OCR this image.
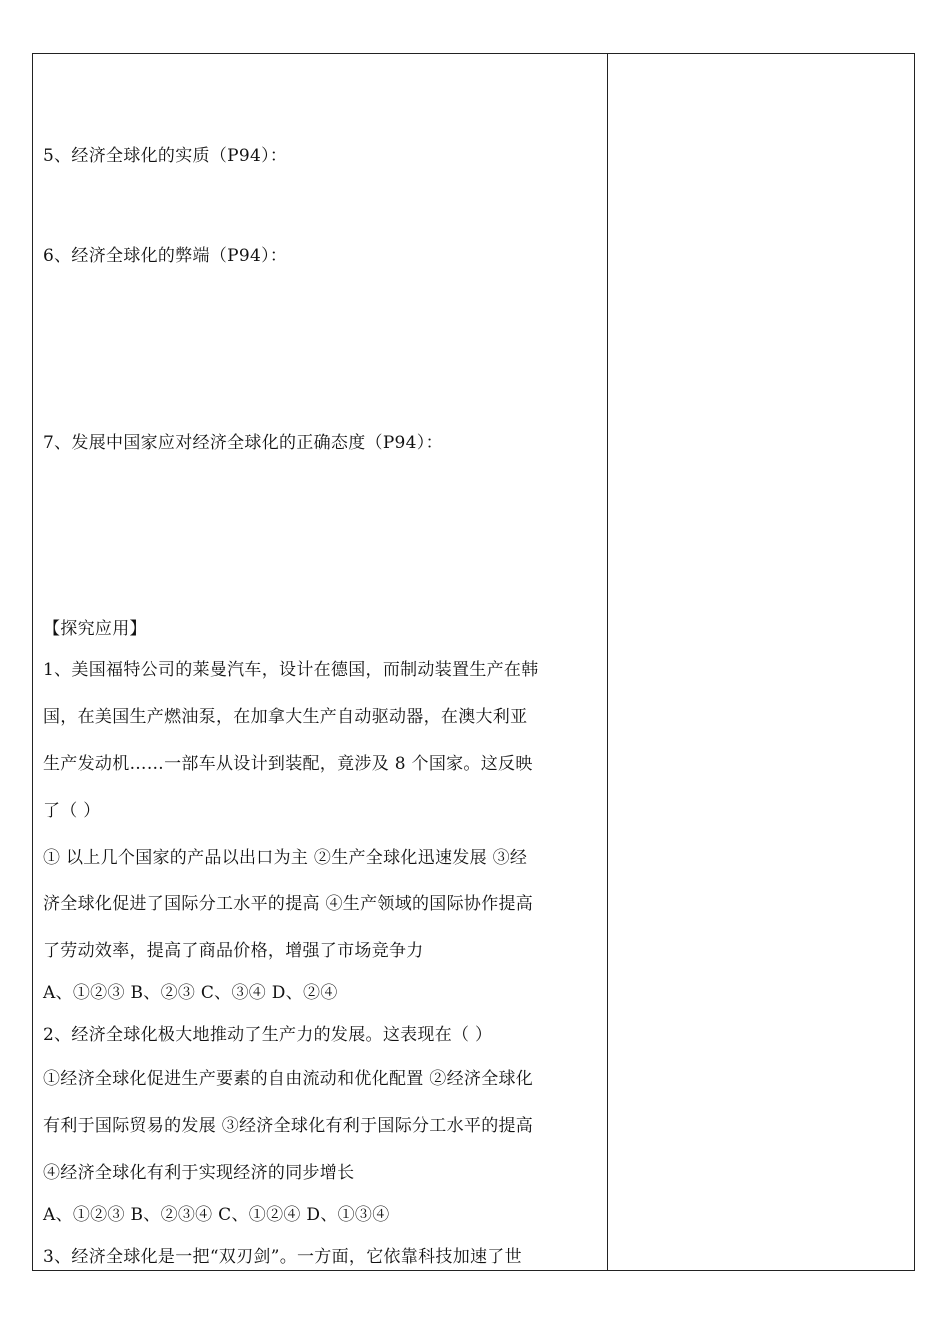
5、经济全球化的实质（P94）：
6、经济全球化的弊端（P94）：
7、发展中国家应对经济全球化的正确态度（P94）：
【探究应用】
1、美国福特公司的莱曼汽车，设计在德国，而制动装置生产在韩
国，在美国生产燃油泵，在加拿大生产自动驱动器，在澳大利亚
生产发动机……一部车从设计到装配，竟涉及 8 个国家。这反映
了（ ）
① 以上几个国家的产品以出口为主 ②生产全球化迅速发展 ③经
济全球化促进了国际分工水平的提高 ④生产领域的国际协作提高
了劳动效率，提高了商品价格，增强了市场竞争力
A、①②③ B、②③ C、③④ D、②④
2、经济全球化极大地推动了生产力的发展。这表现在（ ）
①经济全球化促进生产要素的自由流动和优化配置 ②经济全球化
有利于国际贸易的发展 ③经济全球化有利于国际分工水平的提高
④经济全球化有利于实现经济的同步增长
A、①②③ B、②③④ C、①②④ D、①③④
3、经济全球化是一把“双刃剑”。一方面，它依靠科技加速了世
